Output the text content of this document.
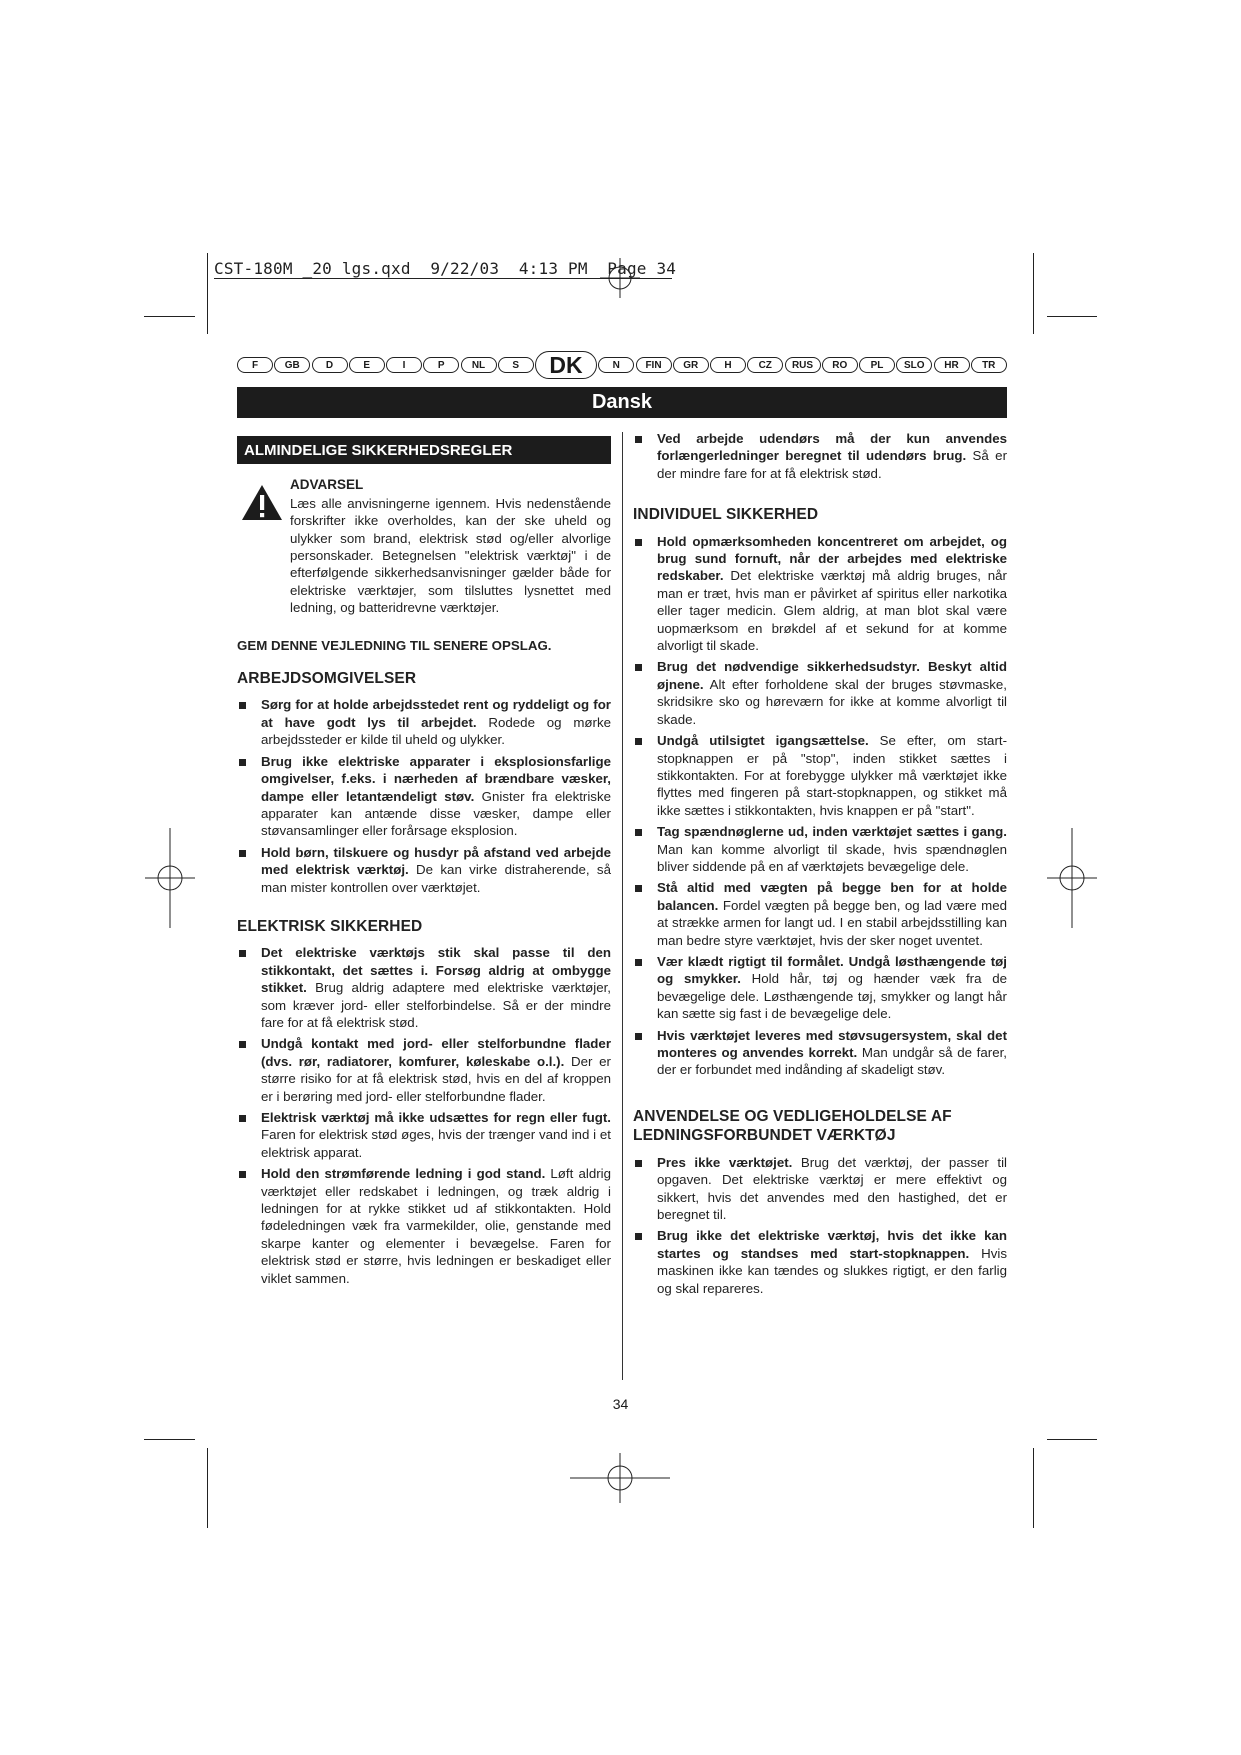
CST-180M _20 lgs.qxd  9/22/03  4:13 PM  Page 34
F	GB	D	E	I	P	NL	S	DK	N	FIN	GR	H	CZ	RUS	RO	PL	SLO	HR	TR
Dansk
ALMINDELIGE SIKKERHEDSREGLER
ADVARSEL

Læs alle anvisningerne igennem. Hvis nedenstående forskrifter ikke overholdes, kan der ske uheld og ulykker som brand, elektrisk stød og/eller alvorlige personskader. Betegnelsen "elektrisk værktøj" i de efterfølgende sikkerhedsanvisninger gælder både for elektriske værktøjer, som tilsluttes lysnettet med ledning, og batteridrevne værktøjer.

GEM DENNE VEJLEDNING TIL SENERE OPSLAG.
ARBEJDSOMGIVELSER
Sørg for at holde arbejdsstedet rent og ryddeligt og for at have godt lys til arbejdet. Rodede og mørke arbejdssteder er kilde til uheld og ulykker.
Brug ikke elektriske apparater i eksplosionsfarlige omgivelser, f.eks. i nærheden af brændbare væsker, dampe eller letantændeligt støv. Gnister fra elektriske apparater kan antænde disse væsker, dampe eller støvansamlinger eller forårsage eksplosion.
Hold børn, tilskuere og husdyr på afstand ved arbejde med elektrisk værktøj. De kan virke distraherende, så man mister kontrollen over værktøjet.
ELEKTRISK SIKKERHED
Det elektriske værktøjs stik skal passe til den stikkontakt, det sættes i. Forsøg aldrig at ombygge stikket. Brug aldrig adaptere med elektriske værktøjer, som kræver jord- eller stelforbindelse. Så er der mindre fare for at få elektrisk stød.
Undgå kontakt med jord- eller stelforbundne flader (dvs. rør, radiatorer, komfurer, køleskabe o.l.). Der er større risiko for at få elektrisk stød, hvis en del af kroppen er i berøring med jord- eller stelforbundne flader.
Elektrisk værktøj må ikke udsættes for regn eller fugt. Faren for elektrisk stød øges, hvis der trænger vand ind i et elektrisk apparat.
Hold den strømførende ledning i god stand. Løft aldrig værktøjet eller redskabet i ledningen, og træk aldrig i ledningen for at rykke stikket ud af stikkontakten. Hold fødeledningen væk fra varmekilder, olie, genstande med skarpe kanter og elementer i bevægelse. Faren for elektrisk stød er større, hvis ledningen er beskadiget eller viklet sammen.
Ved arbejde udendørs må der kun anvendes forlængerledninger beregnet til udendørs brug. Så er der mindre fare for at få elektrisk stød.
INDIVIDUEL SIKKERHED
Hold opmærksomheden koncentreret om arbejdet, og brug sund fornuft, når der arbejdes med elektriske redskaber. Det elektriske værktøj må aldrig bruges, når man er træt, hvis man er påvirket af spiritus eller narkotika eller tager medicin. Glem aldrig, at man blot skal være uopmærksom en brøkdel af et sekund for at komme alvorligt til skade.
Brug det nødvendige sikkerhedsudstyr. Beskyt altid øjnene. Alt efter forholdene skal der bruges støvmaske, skridsikre sko og høreværn for ikke at komme alvorligt til skade.
Undgå utilsigtet igangsættelse. Se efter, om start-stopknappen er på "stop", inden stikket sættes i stikkontakten. For at forebygge ulykker må værktøjet ikke flyttes med fingeren på start-stopknappen, og stikket må ikke sættes i stikkontakten, hvis knappen er på "start".
Tag spændnøglerne ud, inden værktøjet sættes i gang. Man kan komme alvorligt til skade, hvis spændnøglen bliver siddende på en af værktøjets bevægelige dele.
Stå altid med vægten på begge ben for at holde balancen. Fordel vægten på begge ben, og lad være med at strække armen for langt ud. I en stabil arbejdsstilling kan man bedre styre værktøjet, hvis der sker noget uventet.
Vær klædt rigtigt til formålet. Undgå løsthængende tøj og smykker. Hold hår, tøj og hænder væk fra de bevægelige dele. Løsthængende tøj, smykker og langt hår kan sætte sig fast i de bevægelige dele.
Hvis værktøjet leveres med støvsugersystem, skal det monteres og anvendes korrekt. Man undgår så de farer, der er forbundet med indånding af skadeligt støv.
ANVENDELSE OG VEDLIGEHOLDELSE AF LEDNINGSFORBUNDET VÆRKTØJ
Pres ikke værktøjet. Brug det værktøj, der passer til opgaven. Det elektriske værktøj er mere effektivt og sikkert, hvis det anvendes med den hastighed, det er beregnet til.
Brug ikke det elektriske værktøj, hvis det ikke kan startes og standses med start-stopknappen. Hvis maskinen ikke kan tændes og slukkes rigtigt, er den farlig og skal repareres.
34
